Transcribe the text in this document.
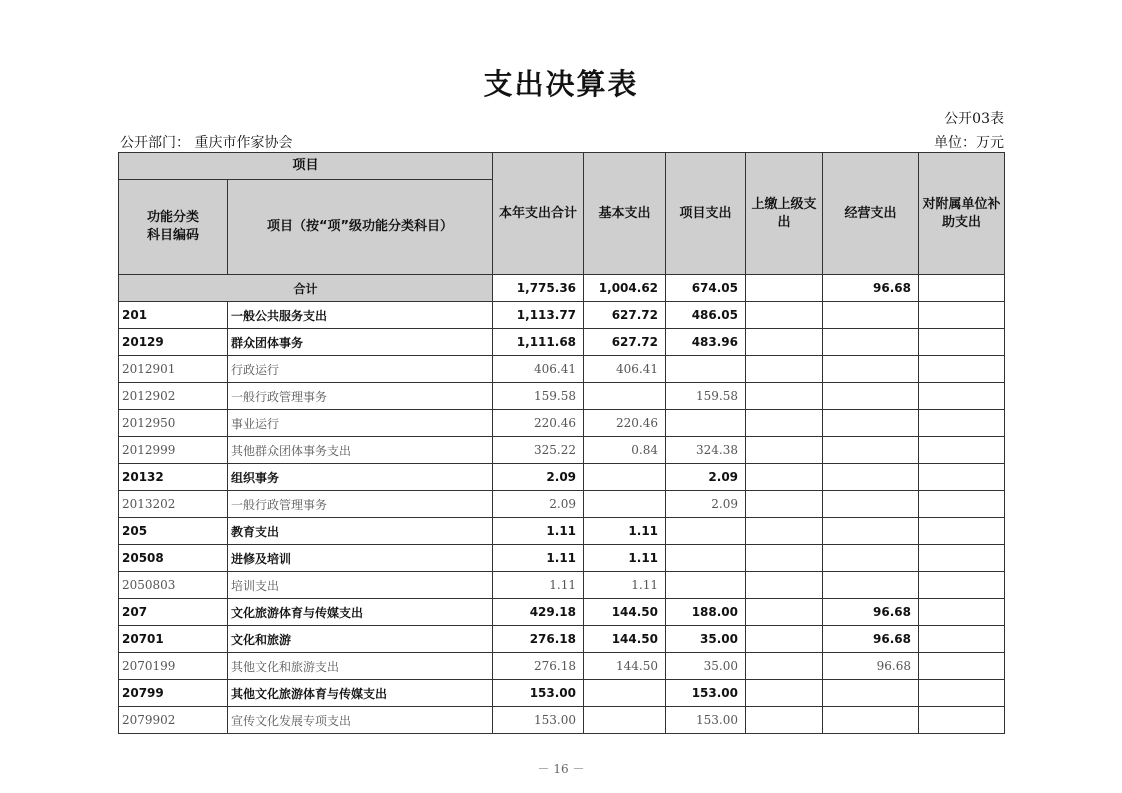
支出决算表
公开03表
公开部门： 重庆市作家协会	单位：万元
项目		本年支出合计	基本支出	项目支出	上缴上级支出	经营支出	对附属单位补助支出
功能分类
科目编码	项目（按“项”级功能分类科目）						
合计		1,775.36	1,004.62	674.05		96.68	
201	一般公共服务支出	1,113.77	627.72	486.05			
20129	群众团体事务	1,111.68	627.72	483.96			
2012901	行政运行	406.41	406.41				
2012902	一般行政管理事务	159.58		159.58			
2012950	事业运行	220.46	220.46				
2012999	其他群众团体事务支出	325.22	0.84	324.38			
20132	组织事务	2.09		2.09			
2013202	一般行政管理事务	2.09		2.09			
205	教育支出	1.11	1.11				
20508	进修及培训	1.11	1.11				
2050803	培训支出	1.11	1.11				
207	文化旅游体育与传媒支出	429.18	144.50	188.00		96.68	
20701	文化和旅游	276.18	144.50	35.00		96.68	
2070199	其他文化和旅游支出	276.18	144.50	35.00		96.68	
20799	其他文化旅游体育与传媒支出	153.00		153.00			
2079902	宣传文化发展专项支出	153.00		153.00			
－ 16 －
